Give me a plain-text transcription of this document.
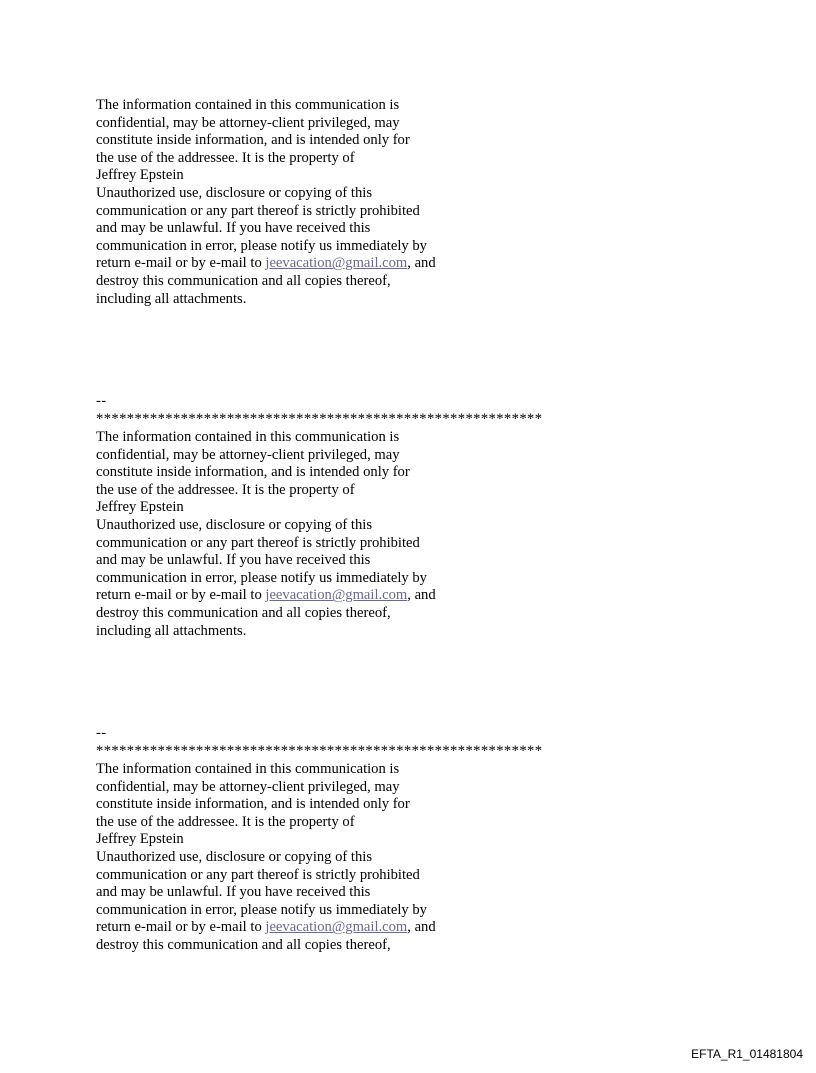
The information contained in this communication is
confidential, may be attorney-client privileged, may
constitute inside information, and is intended only for
the use of the addressee. It is the property of
Jeffrey Epstein
Unauthorized use, disclosure or copying of this
communication or any part thereof is strictly prohibited
and may be unlawful. If you have received this
communication in error, please notify us immediately by
return e-mail or by e-mail to jeevacation@gmail.com, and
destroy this communication and all copies thereof,
including all attachments.
--
**********************************************************
The information contained in this communication is
confidential, may be attorney-client privileged, may
constitute inside information, and is intended only for
the use of the addressee. It is the property of
Jeffrey Epstein
Unauthorized use, disclosure or copying of this
communication or any part thereof is strictly prohibited
and may be unlawful. If you have received this
communication in error, please notify us immediately by
return e-mail or by e-mail to jeevacation@gmail.com, and
destroy this communication and all copies thereof,
including all attachments.
--
**********************************************************
The information contained in this communication is
confidential, may be attorney-client privileged, may
constitute inside information, and is intended only for
the use of the addressee. It is the property of
Jeffrey Epstein
Unauthorized use, disclosure or copying of this
communication or any part thereof is strictly prohibited
and may be unlawful. If you have received this
communication in error, please notify us immediately by
return e-mail or by e-mail to jeevacation@gmail.com, and
destroy this communication and all copies thereof,
EFTA_R1_01481804
